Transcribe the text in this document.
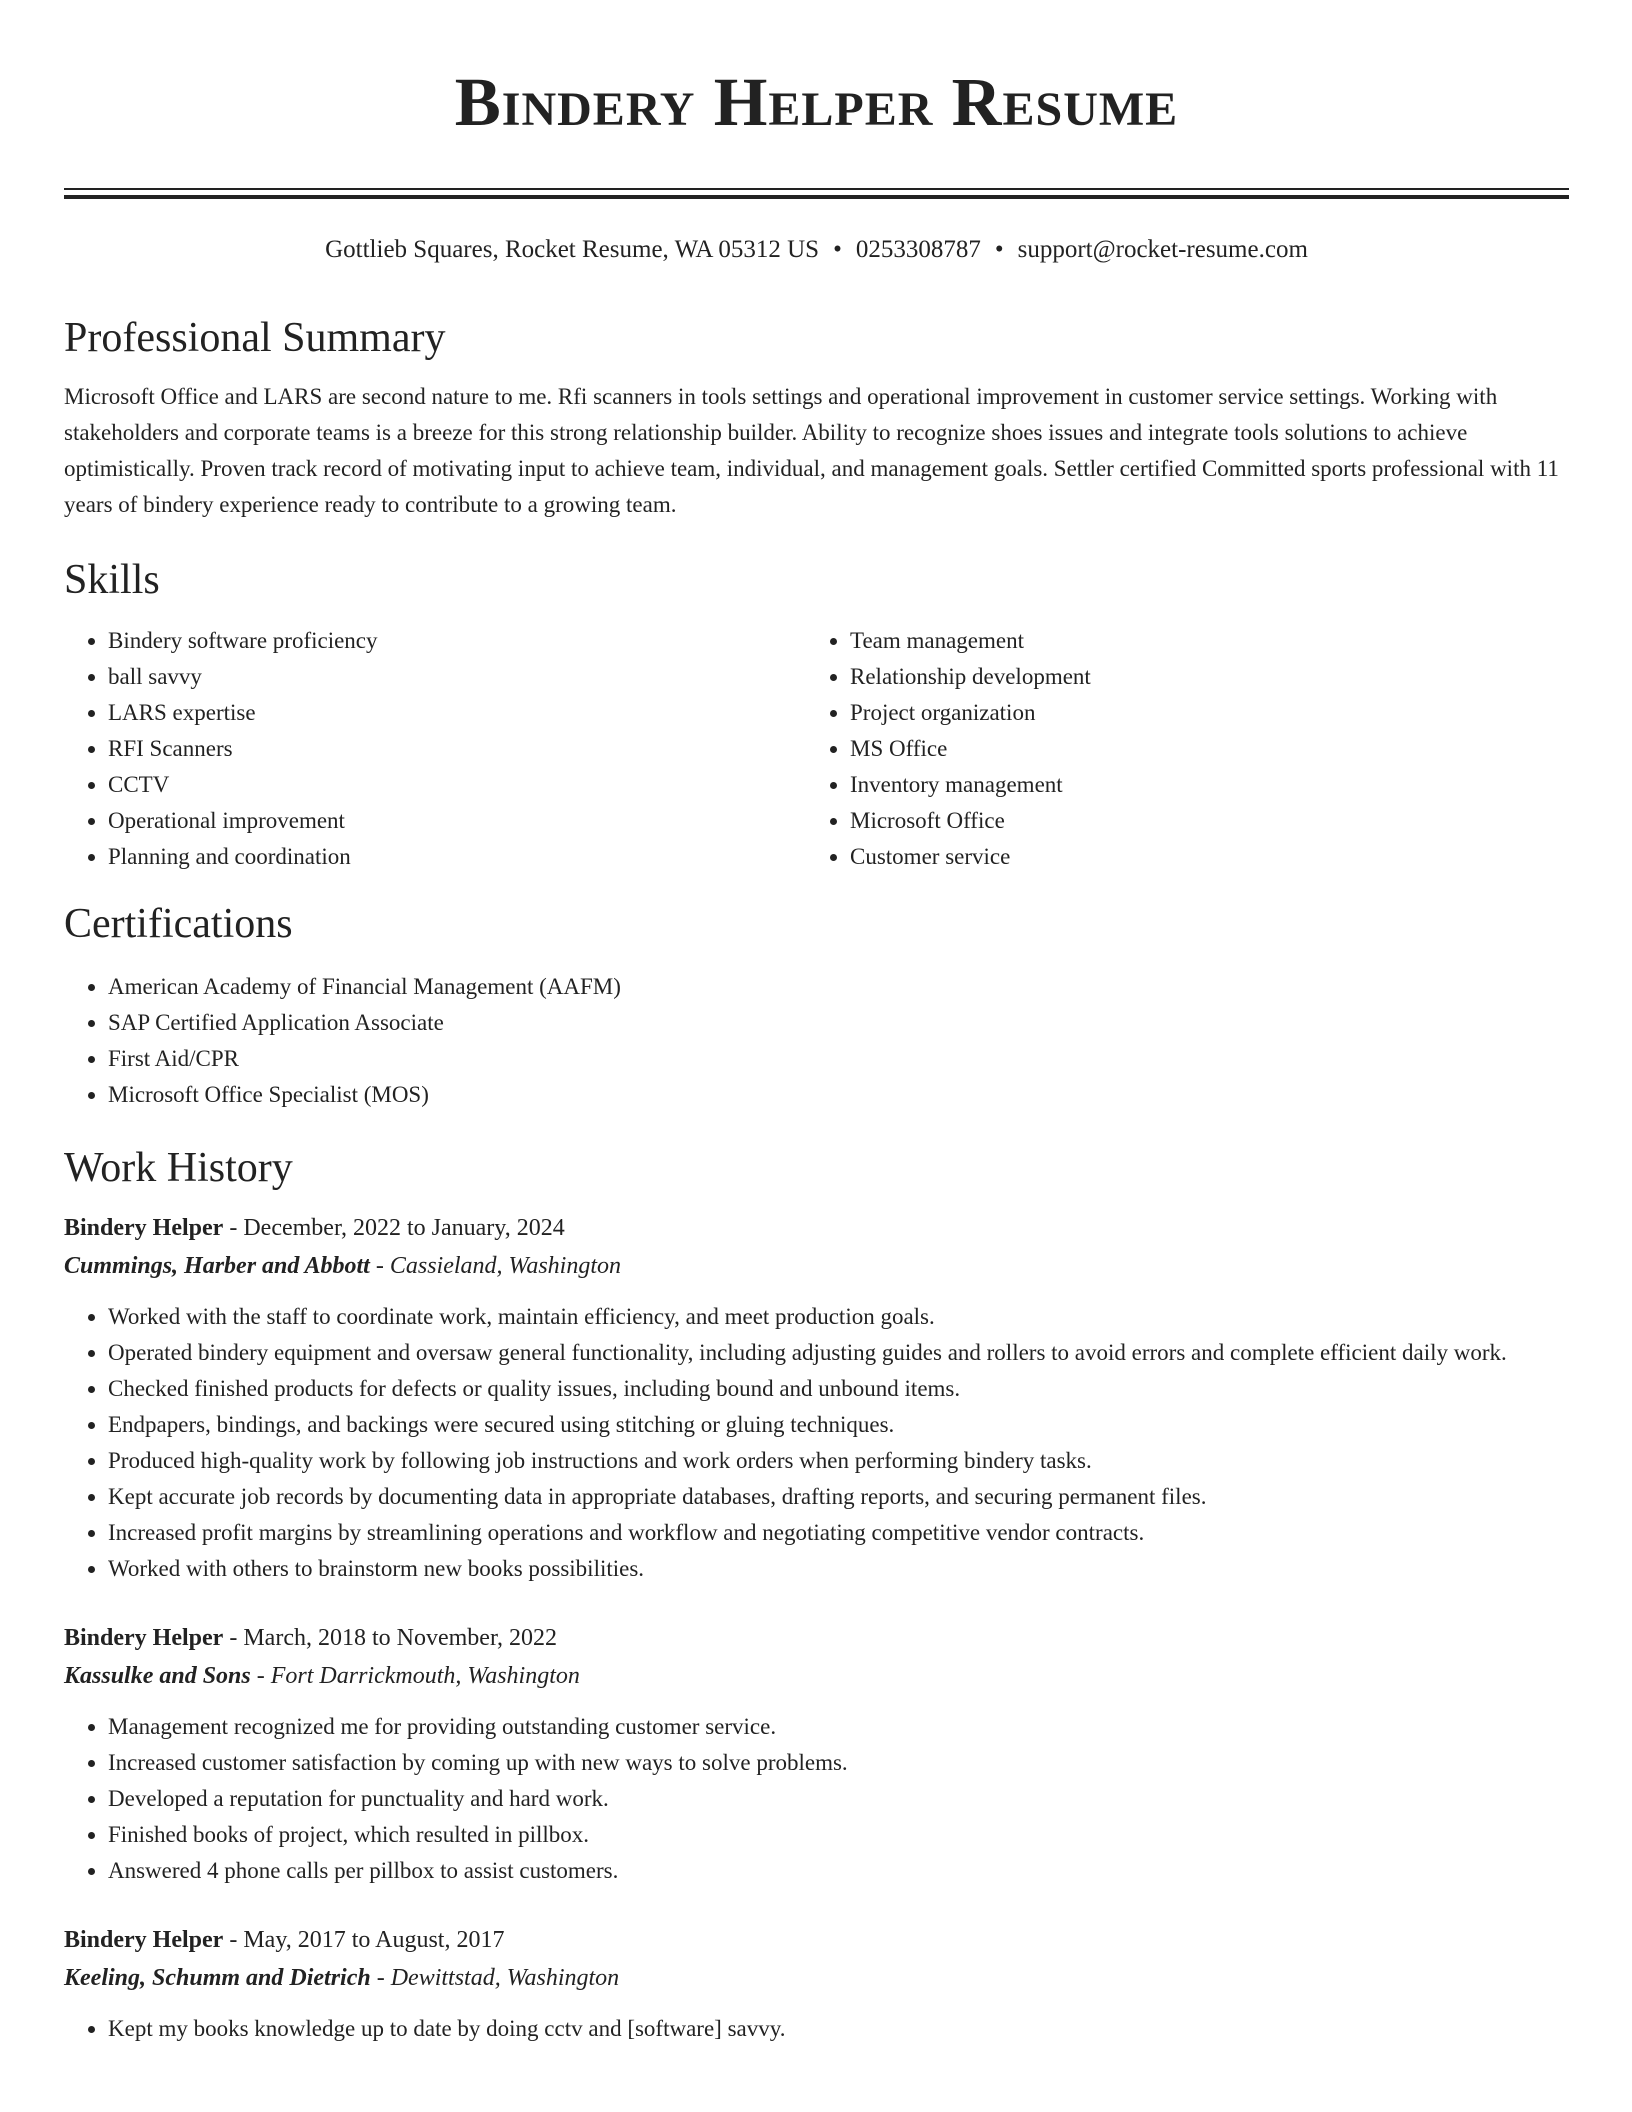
Bindery Helper Resume
Gottlieb Squares, Rocket Resume, WA 05312 US • 0253308787 • support@rocket-resume.com
Professional Summary
Microsoft Office and LARS are second nature to me. Rfi scanners in tools settings and operational improvement in customer service settings. Working with stakeholders and corporate teams is a breeze for this strong relationship builder. Ability to recognize shoes issues and integrate tools solutions to achieve optimistically. Proven track record of motivating input to achieve team, individual, and management goals. Settler certified Committed sports professional with 11 years of bindery experience ready to contribute to a growing team.
Skills
• Bindery software proficiency
• ball savvy
• LARS expertise
• RFI Scanners
• CCTV
• Operational improvement
• Planning and coordination
• Team management
• Relationship development
• Project organization
• MS Office
• Inventory management
• Microsoft Office
• Customer service
Certifications
• American Academy of Financial Management (AAFM)
• SAP Certified Application Associate
• First Aid/CPR
• Microsoft Office Specialist (MOS)
Work History
Bindery Helper - December, 2022 to January, 2024
Cummings, Harber and Abbott - Cassieland, Washington
• Worked with the staff to coordinate work, maintain efficiency, and meet production goals.
• Operated bindery equipment and oversaw general functionality, including adjusting guides and rollers to avoid errors and complete efficient daily work.
• Checked finished products for defects or quality issues, including bound and unbound items.
• Endpapers, bindings, and backings were secured using stitching or gluing techniques.
• Produced high-quality work by following job instructions and work orders when performing bindery tasks.
• Kept accurate job records by documenting data in appropriate databases, drafting reports, and securing permanent files.
• Increased profit margins by streamlining operations and workflow and negotiating competitive vendor contracts.
• Worked with others to brainstorm new books possibilities.
Bindery Helper - March, 2018 to November, 2022
Kassulke and Sons - Fort Darrickmouth, Washington
• Management recognized me for providing outstanding customer service.
• Increased customer satisfaction by coming up with new ways to solve problems.
• Developed a reputation for punctuality and hard work.
• Finished books of project, which resulted in pillbox.
• Answered 4 phone calls per pillbox to assist customers.
Bindery Helper - May, 2017 to August, 2017
Keeling, Schumm and Dietrich - Dewittstad, Washington
• Kept my books knowledge up to date by doing cctv and [software] savvy.
